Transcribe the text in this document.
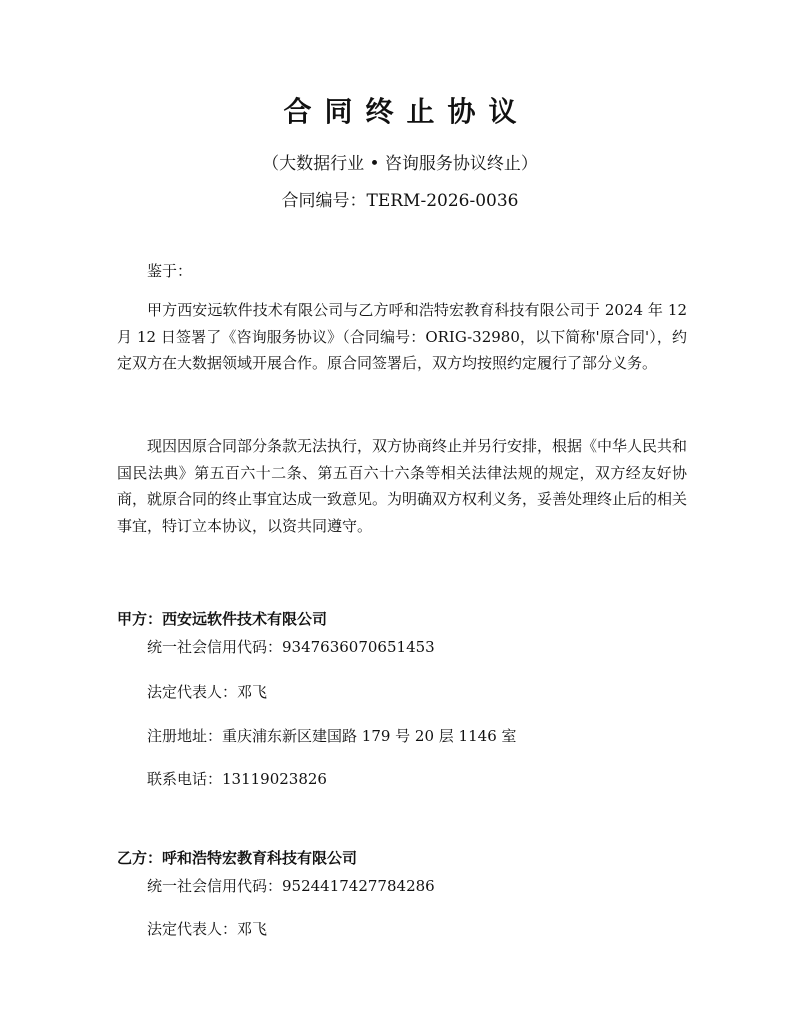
合同终止协议
（大数据行业 • 咨询服务协议终止）
合同编号：TERM-2026-0036
鉴于：
甲方西安远软件技术有限公司与乙方呼和浩特宏教育科技有限公司于 2024 年 12 月 12 日签署了《咨询服务协议》（合同编号：ORIG-32980，以下简称'原合同'），约定双方在大数据领域开展合作。原合同签署后，双方均按照约定履行了部分义务。
现因因原合同部分条款无法执行，双方协商终止并另行安排，根据《中华人民共和国民法典》第五百六十二条、第五百六十六条等相关法律法规的规定，双方经友好协商，就原合同的终止事宜达成一致意见。为明确双方权利义务，妥善处理终止后的相关事宜，特订立本协议，以资共同遵守。
甲方：西安远软件技术有限公司
统一社会信用代码：9347636070651453
法定代表人：邓飞
注册地址：重庆浦东新区建国路 179 号 20 层 1146 室
联系电话：13119023826
乙方：呼和浩特宏教育科技有限公司
统一社会信用代码：9524417427784286
法定代表人：邓飞
